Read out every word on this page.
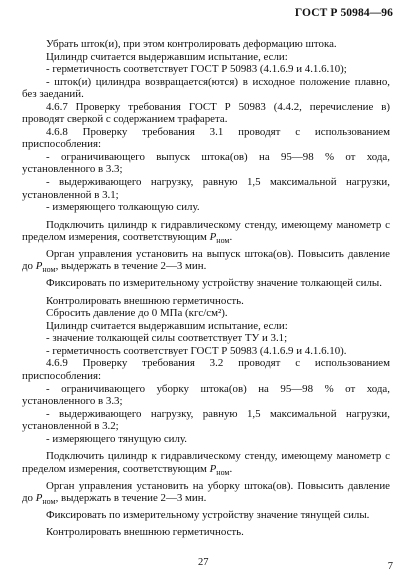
ГОСТ Р 50984—96

Убрать шток(и), при этом контролировать деформацию штока.

Цилиндр считается выдержавшим испытание, если:

- герметичность соответствует ГОСТ Р 50983 (4.1.6.9 и 4.1.6.10);

- шток(и) цилиндра возвращается(ются) в исходное положение плавно, без заеданий.

4.6.7 Проверку требования ГОСТ Р 50983 (4.4.2, перечисление в) проводят сверкой с содержанием трафарета.

4.6.8 Проверку требования 3.1 проводят с использованием приспособления:

- ограничивающего выпуск штока(ов) на 95—98 % от хода, установленного в 3.3;

- выдерживающего нагрузку, равную 1,5 максимальной нагрузки, установленной в 3.1;

- измеряющего толкающую силу.

Подключить цилиндр к гидравлическому стенду, имеющему манометр с пределом измерения, соответствующим $P_{ном}$.

Орган управления установить на выпуск штока(ов). Повысить давление до $P_{ном}$, выдержать в течение 2—3 мин.

Фиксировать по измерительному устройству значение толкающей силы.

Контролировать внешнюю герметичность.

Сбросить давление до 0 МПа (кгс/см²).

Цилиндр считается выдержавшим испытание, если:

- значение толкающей силы соответствует ТУ и 3.1;

- герметичность соответствует ГОСТ Р 50983 (4.1.6.9 и 4.1.6.10).

4.6.9 Проверку требования 3.2 проводят с использованием приспособления:

- ограничивающего уборку штока(ов) на 95—98 % от хода, установленного в 3.3;

- выдерживающего нагрузку, равную 1,5 максимальной нагрузки, установленной в 3.2;

- измеряющего тянущую силу.

Подключить цилиндр к гидравлическому стенду, имеющему манометр с пределом измерения, соответствующим $P_{ном}$.

Орган управления установить на уборку штока(ов). Повысить давление до $P_{ном}$, выдержать в течение 2—3 мин.

Фиксировать по измерительному устройству значение тянущей силы.

Контролировать внешнюю герметичность.

27	7
